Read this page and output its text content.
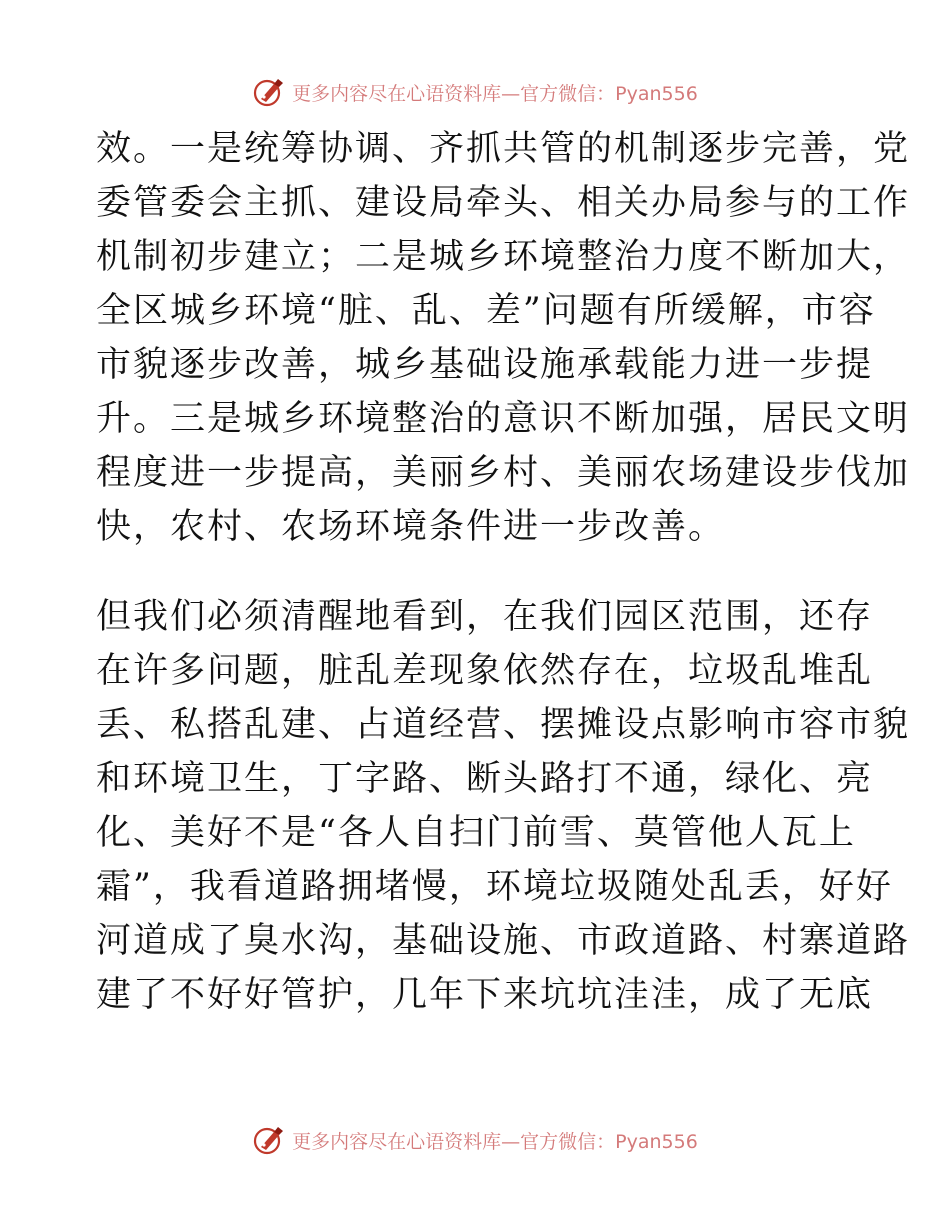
更多内容尽在心语资料库—官方微信：Pyan556
效。一是统筹协调、齐抓共管的机制逐步完善，党
委管委会主抓、建设局牵头、相关办局参与的工作
机制初步建立；二是城乡环境整治力度不断加大，
全区城乡环境“脏、乱、差”问题有所缓解，市容
市貌逐步改善，城乡基础设施承载能力进一步提
升。三是城乡环境整治的意识不断加强，居民文明
程度进一步提高，美丽乡村、美丽农场建设步伐加
快，农村、农场环境条件进一步改善。
但我们必须清醒地看到，在我们园区范围，还存
在许多问题，脏乱差现象依然存在，垃圾乱堆乱
丢、私搭乱建、占道经营、摆摊设点影响市容市貌
和环境卫生，丁字路、断头路打不通，绿化、亮
化、美好不是“各人自扫门前雪、莫管他人瓦上
霜”，我看道路拥堵慢，环境垃圾随处乱丢，好好
河道成了臭水沟，基础设施、市政道路、村寨道路
建了不好好管护，几年下来坑坑洼洼，成了无底
更多内容尽在心语资料库—官方微信：Pyan556
